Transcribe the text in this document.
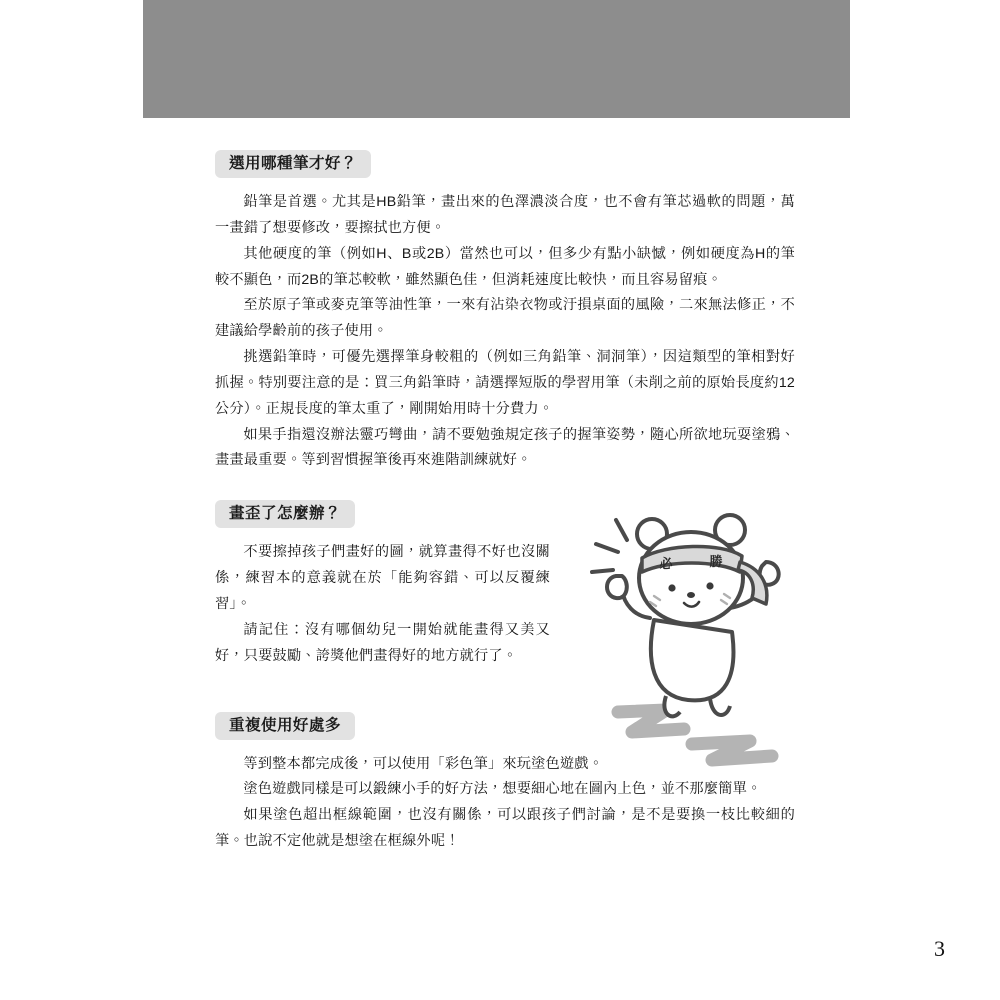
選用哪種筆才好？

鉛筆是首選。尤其是HB鉛筆，畫出來的色澤濃淡合度，也不會有筆芯過軟的問題，萬一畫錯了想要修改，要擦拭也方便。

其他硬度的筆（例如H、B或2B）當然也可以，但多少有點小缺憾，例如硬度為H的筆較不顯色，而2B的筆芯較軟，雖然顯色佳，但消耗速度比較快，而且容易留痕。

至於原子筆或麥克筆等油性筆，一來有沾染衣物或汙損桌面的風險，二來無法修正，不建議給學齡前的孩子使用。

挑選鉛筆時，可優先選擇筆身較粗的（例如三角鉛筆、洞洞筆），因這類型的筆相對好抓握。特別要注意的是：買三角鉛筆時，請選擇短版的學習用筆（未削之前的原始長度約12公分）。正規長度的筆太重了，剛開始用時十分費力。

如果手指還沒辦法靈巧彎曲，請不要勉強規定孩子的握筆姿勢，隨心所欲地玩耍塗鴉、畫畫最重要。等到習慣握筆後再來進階訓練就好。

畫歪了怎麼辦？

不要擦掉孩子們畫好的圖，就算畫得不好也沒關係，練習本的意義就在於「能夠容錯、可以反覆練習」。

請記住：沒有哪個幼兒一開始就能畫得又美又好，只要鼓勵、誇獎他們畫得好的地方就行了。

重複使用好處多

等到整本都完成後，可以使用「彩色筆」來玩塗色遊戲。

塗色遊戲同樣是可以鍛練小手的好方法，想要細心地在圖內上色，並不那麼簡單。

如果塗色超出框線範圍，也沒有關係，可以跟孩子們討論，是不是要換一枝比較細的筆。也說不定他就是想塗在框線外呢！

必	勝
3
